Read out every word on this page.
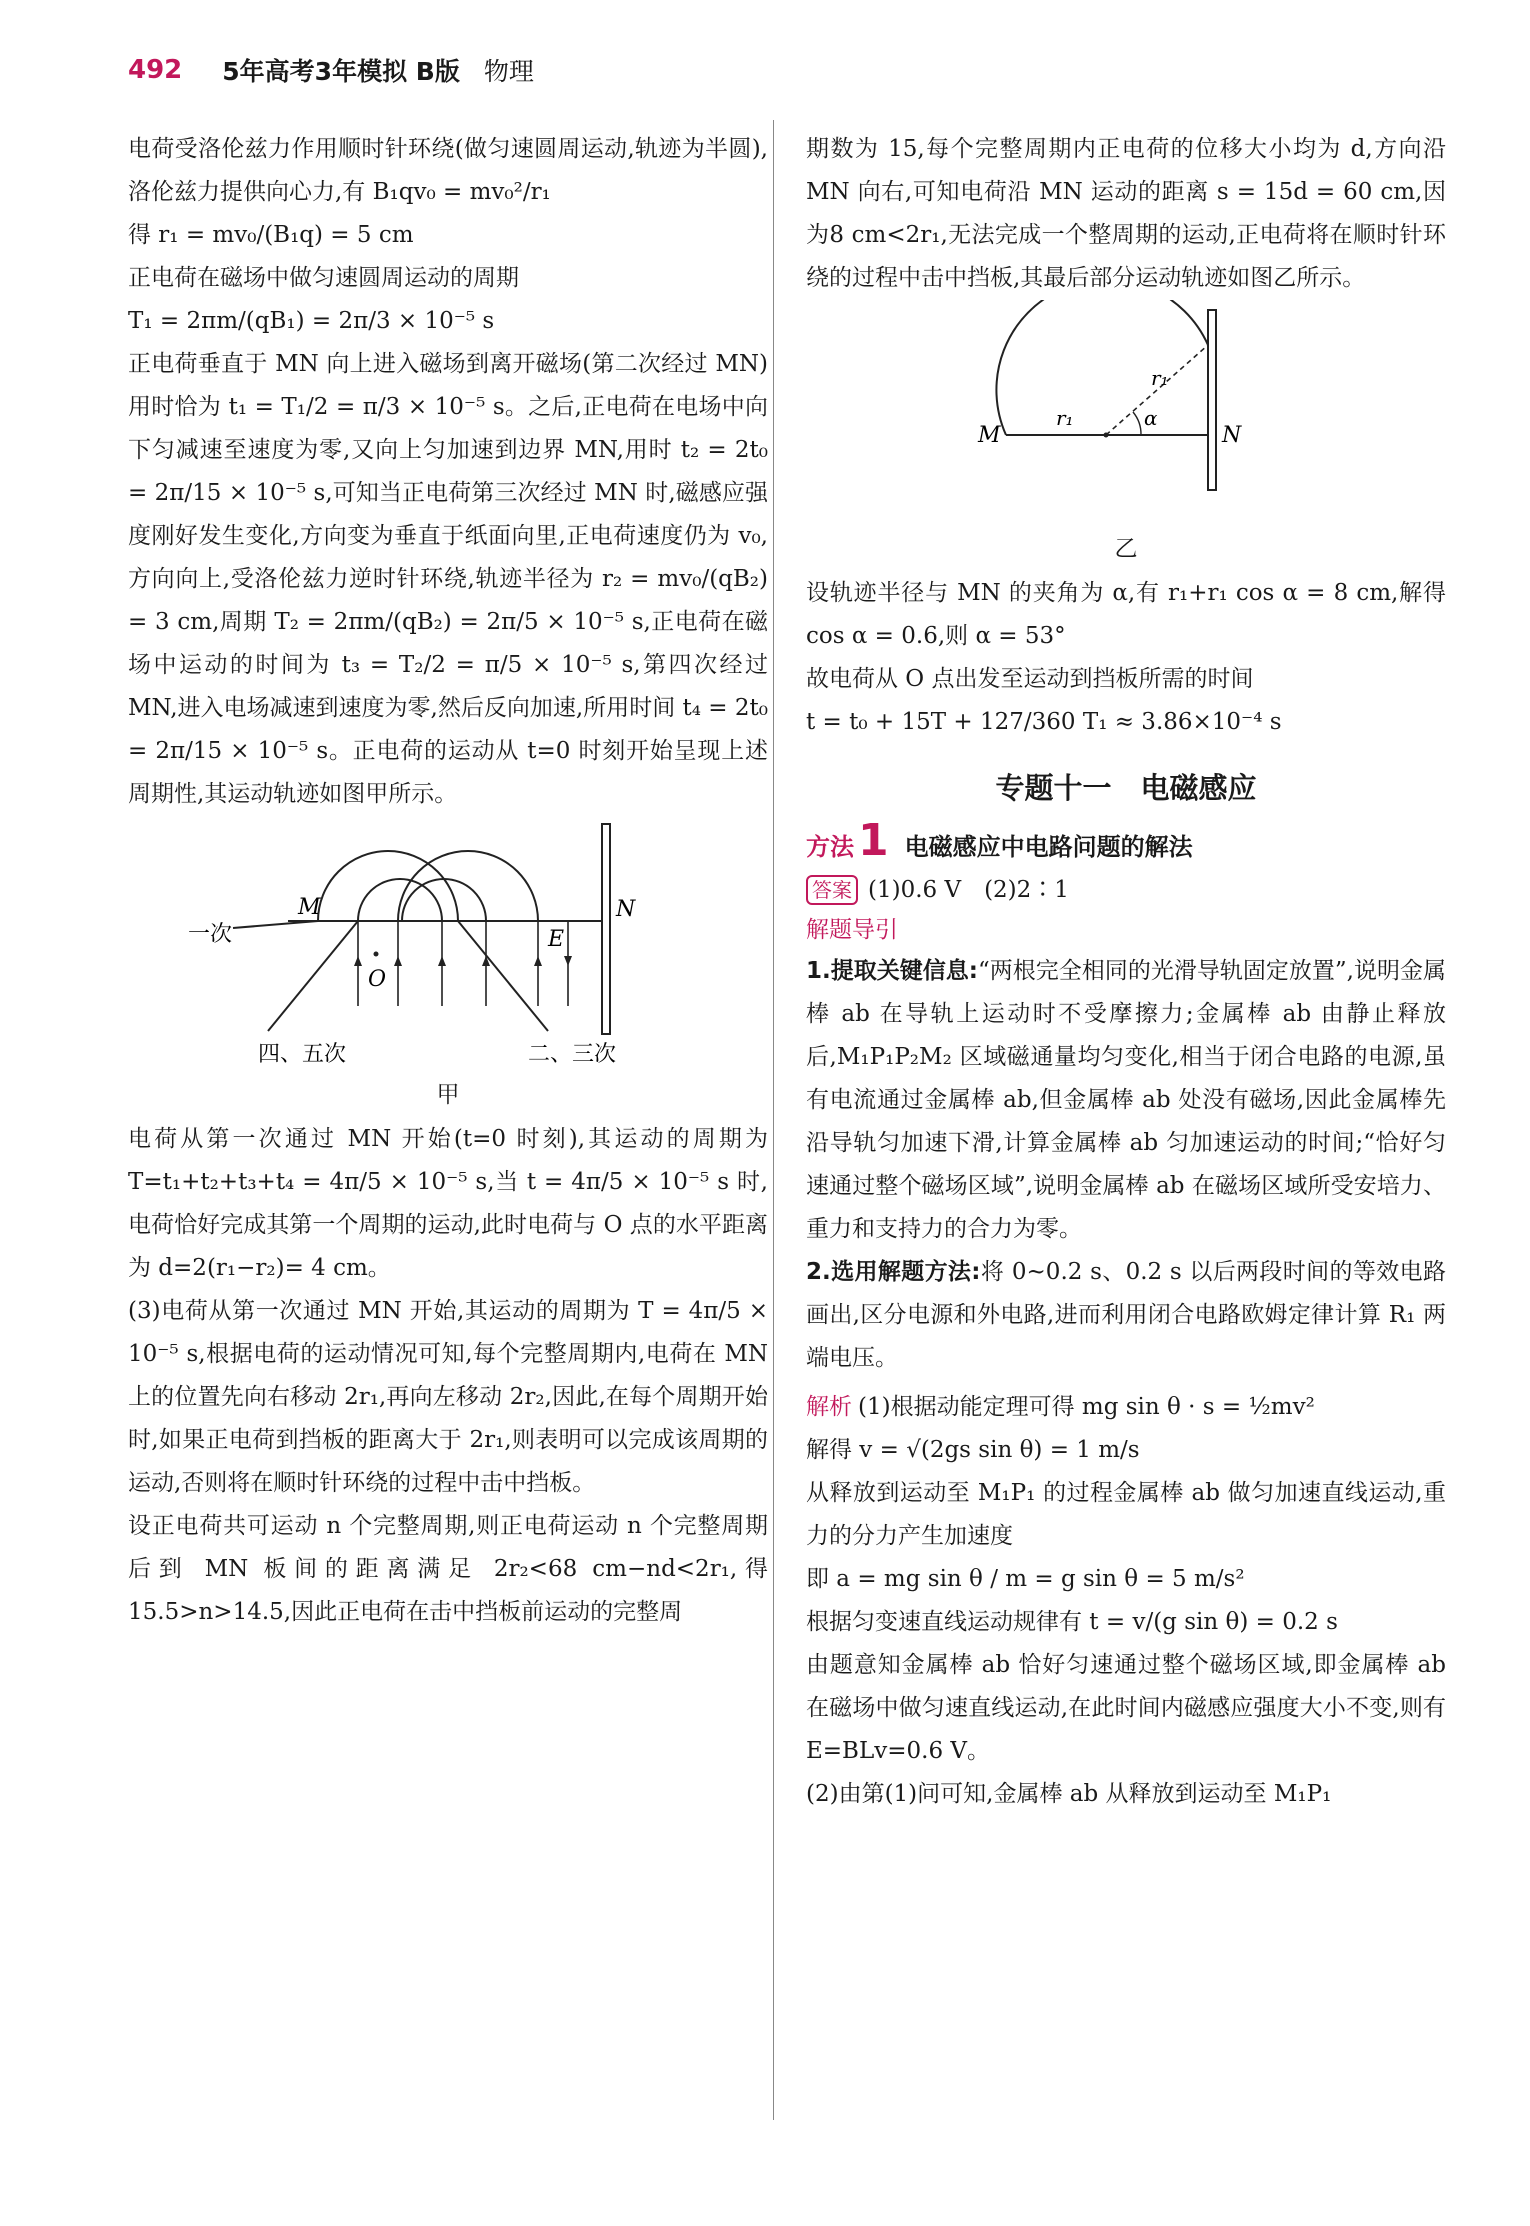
492 5年高考3年模拟 B版 物理

电荷受洛伦兹力作用顺时针环绕(做匀速圆周运动,轨迹为半圆),洛伦兹力提供向心力,有 B₁qv₀ = mv₀²/r₁

得 r₁ = mv₀/(B₁q) = 5 cm

正电荷在磁场中做匀速圆周运动的周期

T₁ = 2πm/(qB₁) = 2π/3 × 10⁻⁵ s

正电荷垂直于 MN 向上进入磁场到离开磁场(第二次经过 MN)用时恰为 t₁ = T₁/2 = π/3 × 10⁻⁵ s。之后,正电荷在电场中向下匀减速至速度为零,又向上匀加速到边界 MN,用时 t₂ = 2t₀ = 2π/15 × 10⁻⁵ s,可知当正电荷第三次经过 MN 时,磁感应强度刚好发生变化,方向变为垂直于纸面向里,正电荷速度仍为 v₀,方向向上,受洛伦兹力逆时针环绕,轨迹半径为 r₂ = mv₀/(qB₂) = 3 cm,周期 T₂ = 2πm/(qB₂) = 2π/5 × 10⁻⁵ s,正电荷在磁场中运动的时间为 t₃ = T₂/2 = π/5 × 10⁻⁵ s,第四次经过 MN,进入电场减速到速度为零,然后反向加速,所用时间 t₄ = 2t₀ = 2π/15 × 10⁻⁵ s。正电荷的运动从 t=0 时刻开始呈现上述周期性,其运动轨迹如图甲所示。

M	N
O
E
一次
四、五次	二、三次
甲

电荷从第一次通过 MN 开始(t=0 时刻),其运动的周期为 T=t₁+t₂+t₃+t₄ = 4π/5 × 10⁻⁵ s,当 t = 4π/5 × 10⁻⁵ s 时,电荷恰好完成其第一个周期的运动,此时电荷与 O 点的水平距离为 d=2(r₁−r₂)= 4 cm。

(3)电荷从第一次通过 MN 开始,其运动的周期为 T = 4π/5 × 10⁻⁵ s,根据电荷的运动情况可知,每个完整周期内,电荷在 MN 上的位置先向右移动 2r₁,再向左移动 2r₂,因此,在每个周期开始时,如果正电荷到挡板的距离大于 2r₁,则表明可以完成该周期的运动,否则将在顺时针环绕的过程中击中挡板。

设正电荷共可运动 n 个完整周期,则正电荷运动 n 个完整周期后到 MN 板间的距离满足 2r₂<68 cm−nd<2r₁,得 15.5>n>14.5,因此正电荷在击中挡板前运动的完整周

期数为 15,每个完整周期内正电荷的位移大小均为 d,方向沿 MN 向右,可知电荷沿 MN 运动的距离 s = 15d = 60 cm,因为8 cm<2r₁,无法完成一个整周期的运动,正电荷将在顺时针环绕的过程中击中挡板,其最后部分运动轨迹如图乙所示。

M	N
r₁
r₁
α
乙

设轨迹半径与 MN 的夹角为 α,有 r₁+r₁ cos α = 8 cm,解得 cos α = 0.6,则 α = 53°

故电荷从 O 点出发至运动到挡板所需的时间

t = t₀ + 15T + 127/360 T₁ ≈ 3.86×10⁻⁴ s

专题十一　电磁感应
方法 1 电磁感应中电路问题的解法
答案 (1)0.6 V　(2)2∶1
解题导引

1.提取关键信息:“两根完全相同的光滑导轨固定放置”,说明金属棒 ab 在导轨上运动时不受摩擦力;金属棒 ab 由静止释放后,M₁P₁P₂M₂ 区域磁通量均匀变化,相当于闭合电路的电源,虽有电流通过金属棒 ab,但金属棒 ab 处没有磁场,因此金属棒先沿导轨匀加速下滑,计算金属棒 ab 匀加速运动的时间;“恰好匀速通过整个磁场区域”,说明金属棒 ab 在磁场区域所受安培力、重力和支持力的合力为零。

2.选用解题方法:将 0~0.2 s、0.2 s 以后两段时间的等效电路画出,区分电源和外电路,进而利用闭合电路欧姆定律计算 R₁ 两端电压。

解析 (1)根据动能定理可得 mg sin θ · s = ½mv²

解得 v = √(2gs sin θ) = 1 m/s

从释放到运动至 M₁P₁ 的过程金属棒 ab 做匀加速直线运动,重力的分力产生加速度

即 a = mg sin θ / m = g sin θ = 5 m/s²

根据匀变速直线运动规律有 t = v/(g sin θ) = 0.2 s

由题意知金属棒 ab 恰好匀速通过整个磁场区域,即金属棒 ab 在磁场中做匀速直线运动,在此时间内磁感应强度大小不变,则有 E=BLv=0.6 V。

(2)由第(1)问可知,金属棒 ab 从释放到运动至 M₁P₁
